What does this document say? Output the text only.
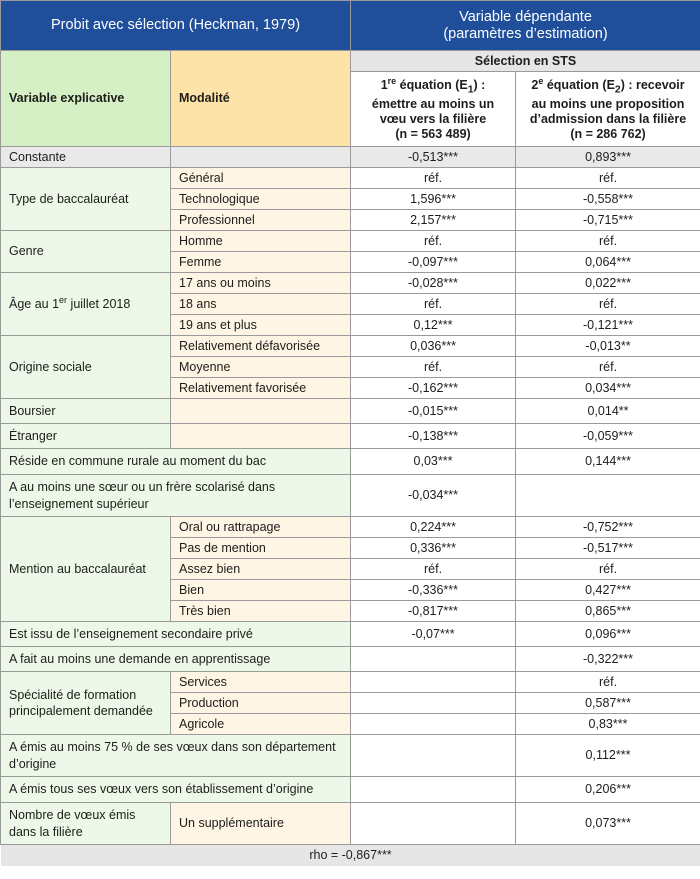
Probit avec sélection (Heckman, 1979)		Variable dépendante
(paramètres d’estimation)	
Variable explicative	Modalité	Sélection en STS	
		1re équation $(E_1)$ :
émettre au moins un
vœu vers la filière
(n = 563 489)	2e équation $(E_2)$ : recevoir
au moins une proposition
d’admission dans la filière
(n = 286 762)
Constante		-0,513***	0,893***
Type de baccalauréat	Général	réf.	réf.
	Technologique	1,596***	-0,558***
	Professionnel	2,157***	-0,715***
Genre	Homme	réf.	réf.
	Femme	-0,097***	0,064***
Âge au 1er juillet 2018	17 ans ou moins	-0,028***	0,022***
	18 ans	réf.	réf.
	19 ans et plus	0,12***	-0,121***
Origine sociale	Relativement défavorisée	0,036***	-0,013**
	Moyenne	réf.	réf.
	Relativement favorisée	-0,162***	0,034***
Boursier		-0,015***	0,014**
Étranger		-0,138***	-0,059***
Réside en commune rurale au moment du bac		0,03***	0,144***
A au moins une sœur ou un frère scolarisé dans
l’enseignement supérieur		-0,034***	
Mention au baccalauréat	Oral ou rattrapage	0,224***	-0,752***
	Pas de mention	0,336***	-0,517***
	Assez bien	réf.	réf.
	Bien	-0,336***	0,427***
	Très bien	-0,817***	0,865***
Est issu de l’enseignement secondaire privé		-0,07***	0,096***
A fait au moins une demande en apprentissage			-0,322***
Spécialité de formation
principalement demandée	Services		réf.
	Production		0,587***
	Agricole		0,83***
A émis au moins 75 % de ses vœux dans son département
d’origine			0,112***
A émis tous ses vœux vers son établissement d’origine			0,206***
Nombre de vœux émis
dans la filière	Un supplémentaire		0,073***
rho = -0,867***			
